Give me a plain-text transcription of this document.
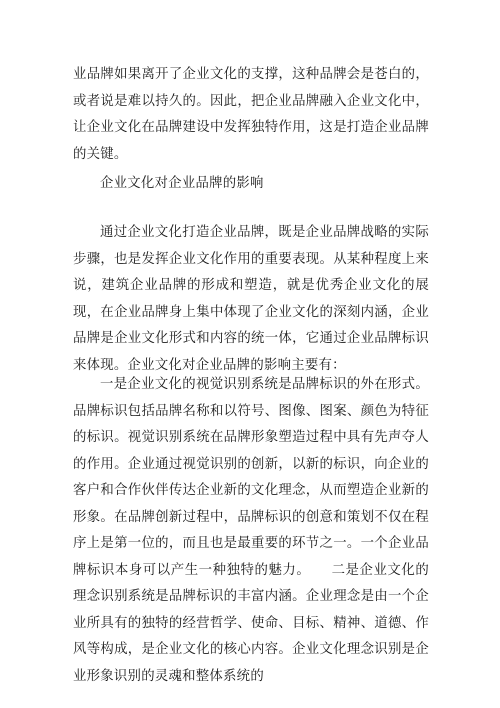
业品牌如果离开了企业文化的支撑，这种品牌会是苍白的，或者说是难以持久的。因此，把企业品牌融入企业文化中，让企业文化在品牌建设中发挥独特作用，这是打造企业品牌的关键。

企业文化对企业品牌的影响

通过企业文化打造企业品牌，既是企业品牌战略的实际步骤，也是发挥企业文化作用的重要表现。从某种程度上来说，建筑企业品牌的形成和塑造，就是优秀企业文化的展现，在企业品牌身上集中体现了企业文化的深刻内涵，企业品牌是企业文化形式和内容的统一体，它通过企业品牌标识来体现。企业文化对企业品牌的影响主要有：

一是企业文化的视觉识别系统是品牌标识的外在形式。品牌标识包括品牌名称和以符号、图像、图案、颜色为特征的标识。视觉识别系统在品牌形象塑造过程中具有先声夺人的作用。企业通过视觉识别的创新，以新的标识，向企业的客户和合作伙伴传达企业新的文化理念，从而塑造企业新的形象。在品牌创新过程中，品牌标识的创意和策划不仅在程序上是第一位的，而且也是最重要的环节之一。一个企业品牌标识本身可以产生一种独特的魅力。　　二是企业文化的理念识别系统是品牌标识的丰富内涵。企业理念是由一个企业所具有的独特的经营哲学、使命、目标、精神、道德、作风等构成，是企业文化的核心内容。企业文化理念识别是企业形象识别的灵魂和整体系统的
